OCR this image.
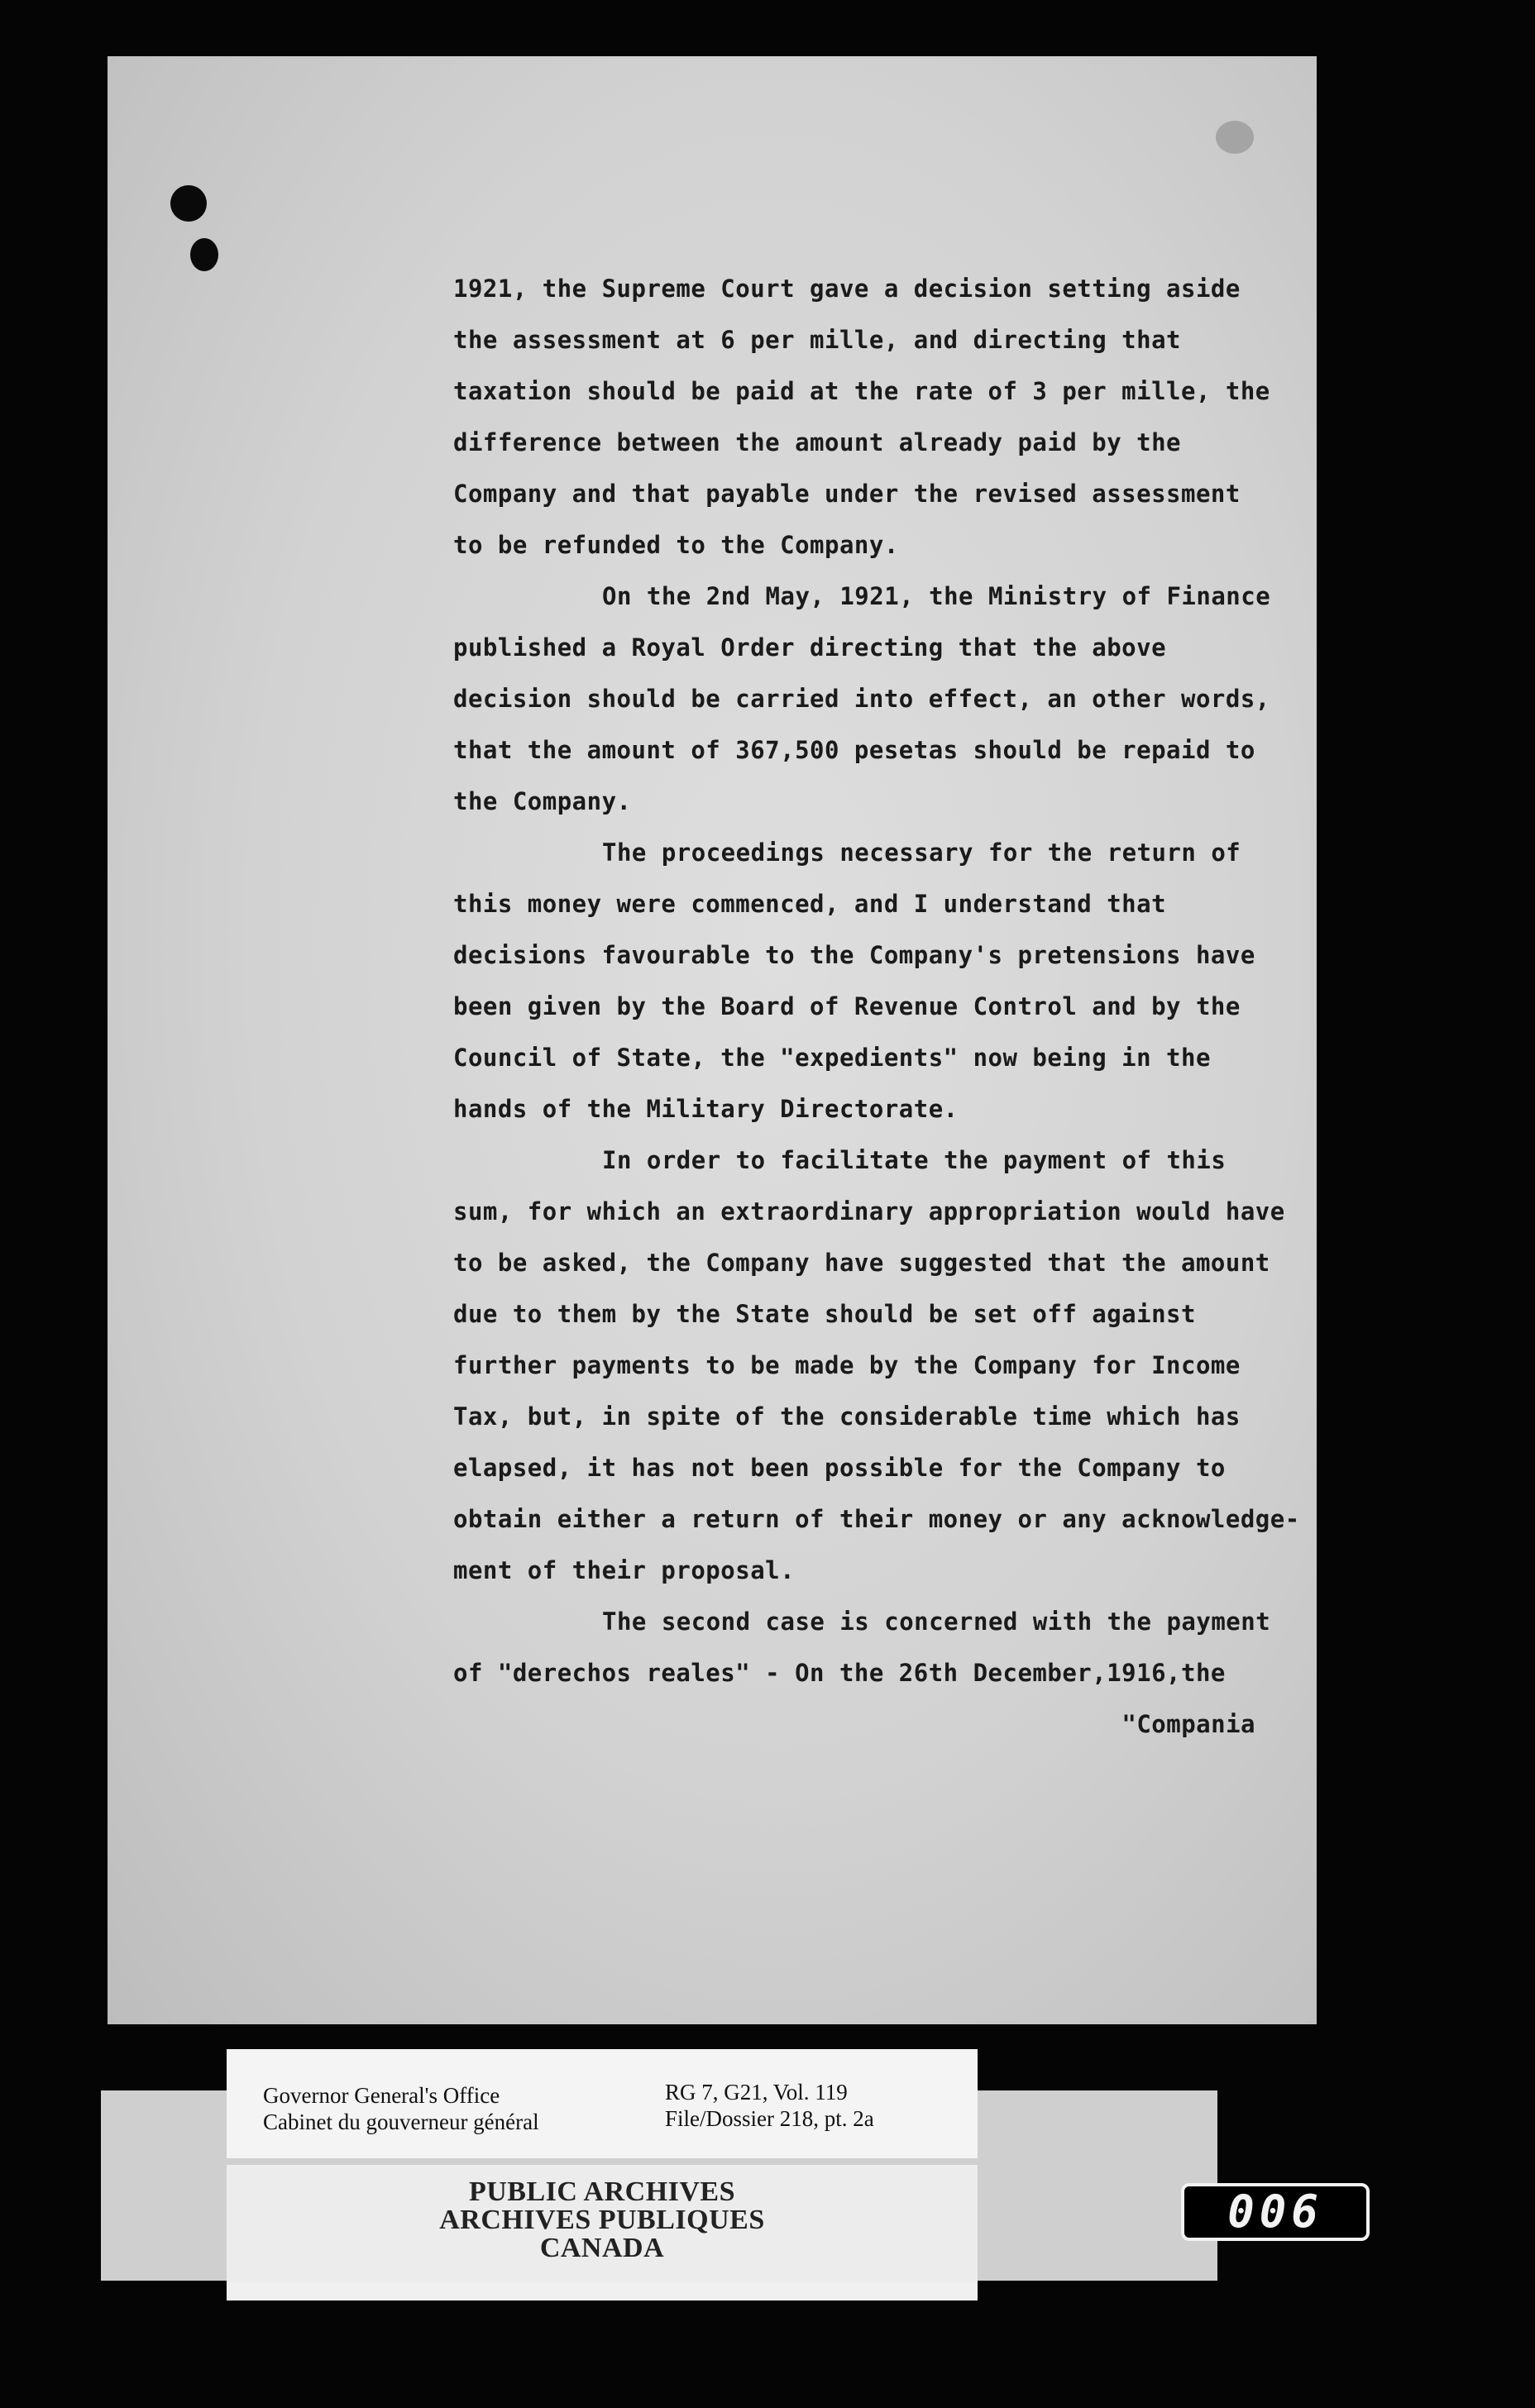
1921, the Supreme Court gave a decision setting aside
the assessment at 6 per mille, and directing that
taxation should be paid at the rate of 3 per mille, the
difference between the amount already paid by the
Company and that payable under the revised assessment
to be refunded to the Company.
On the 2nd May, 1921, the Ministry of Finance
published a Royal Order directing that the above
decision should be carried into effect, an other words,
that the amount of 367,500 pesetas should be repaid to
the Company.
The proceedings necessary for the return of
this money were commenced, and I understand that
decisions favourable to the Company's pretensions have
been given by the Board of Revenue Control and by the
Council of State, the "expedients" now being in the
hands of the Military Directorate.
In order to facilitate the payment of this
sum, for which an extraordinary appropriation would have
to be asked, the Company have suggested that the amount
due to them by the State should be set off against
further payments to be made by the Company for Income
Tax, but, in spite of the considerable time which has
elapsed, it has not been possible for the Company to
obtain either a return of their money or any acknowledge-
ment of their proposal.
The second case is concerned with the payment
of "derechos reales" - On the 26th December,1916,the
"Compania
Governor General's Office
Cabinet du gouverneur général
RG 7, G21, Vol. 119
File/Dossier 218, pt. 2a
PUBLIC ARCHIVES
ARCHIVES PUBLIQUES
CANADA
006
